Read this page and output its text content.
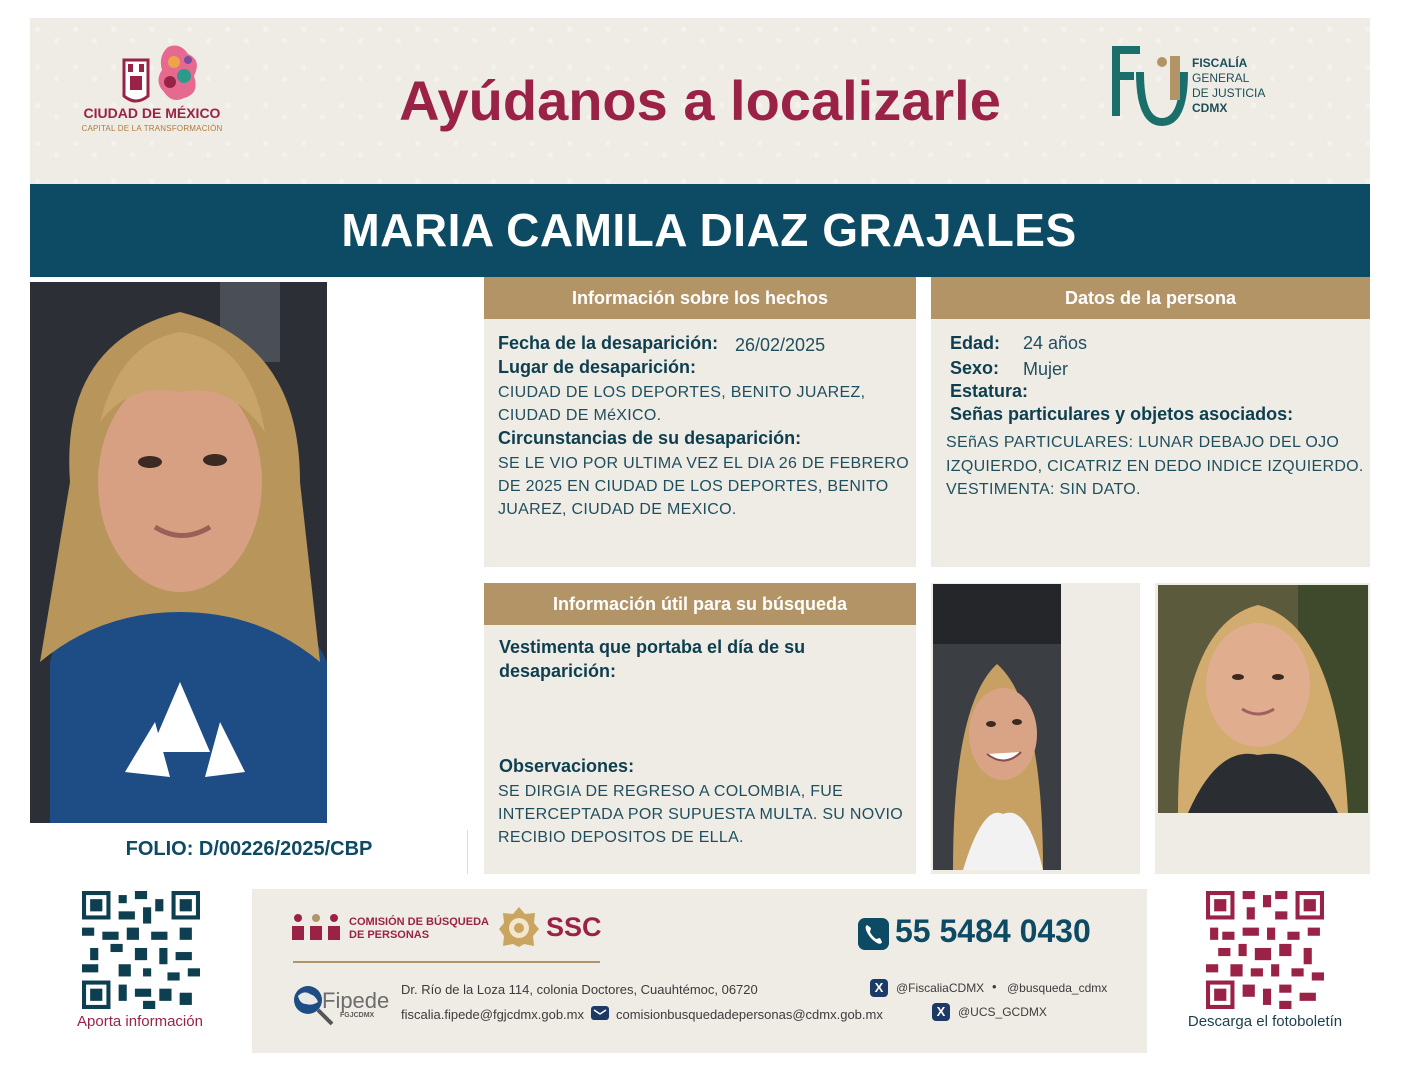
CIUDAD DE MÉXICO
CAPITAL DE LA TRANSFORMACIÓN	Ayúdanos a localizarle
FISCALÍA
GENERAL
DE JUSTICIA
CDMX
MARIA CAMILA DIAZ GRAJALES
FOLIO: D/00226/2025/CBP
Información sobre los hechos
Fecha de la desaparición: 26/02/2025
Lugar de desaparición:
CIUDAD DE LOS DEPORTES, BENITO JUAREZ,
CIUDAD DE MéXICO.
Circunstancias de su desaparición:
SE LE VIO POR ULTIMA VEZ EL DIA 26 DE FEBRERO
DE 2025 EN CIUDAD DE LOS DEPORTES, BENITO
JUAREZ, CIUDAD DE MEXICO.
Datos de la persona
Edad: 24 años
Sexo: Mujer
Estatura:
Señas particulares y objetos asociados:
SEñAS PARTICULARES: LUNAR DEBAJO DEL OJO
IZQUIERDO, CICATRIZ EN DEDO INDICE IZQUIERDO.
VESTIMENTA: SIN DATO.
Información útil para su búsqueda
Vestimenta que portaba el día de su
desaparición:
Observaciones:
SE DIRGIA DE REGRESO A COLOMBIA, FUE
INTERCEPTADA POR SUPUESTA MULTA. SU NOVIO
RECIBIO DEPOSITOS DE ELLA.
Aporta información
COMISIÓN DE BÚSQUEDA
DE PERSONAS	SSC	55 5484 0430
Fipede
FGJCDMX
Dr. Río de la Loza 114, colonia Doctores, Cuauhtémoc, 06720
fiscalia.fipede@fgjcdmx.gob.mx comisionbusquedadepersonas@cdmx.gob.mx
X	@FiscaliaCDMX • @busqueda_cdmx
X	@UCS_GCDMX
Descarga el fotoboletín
